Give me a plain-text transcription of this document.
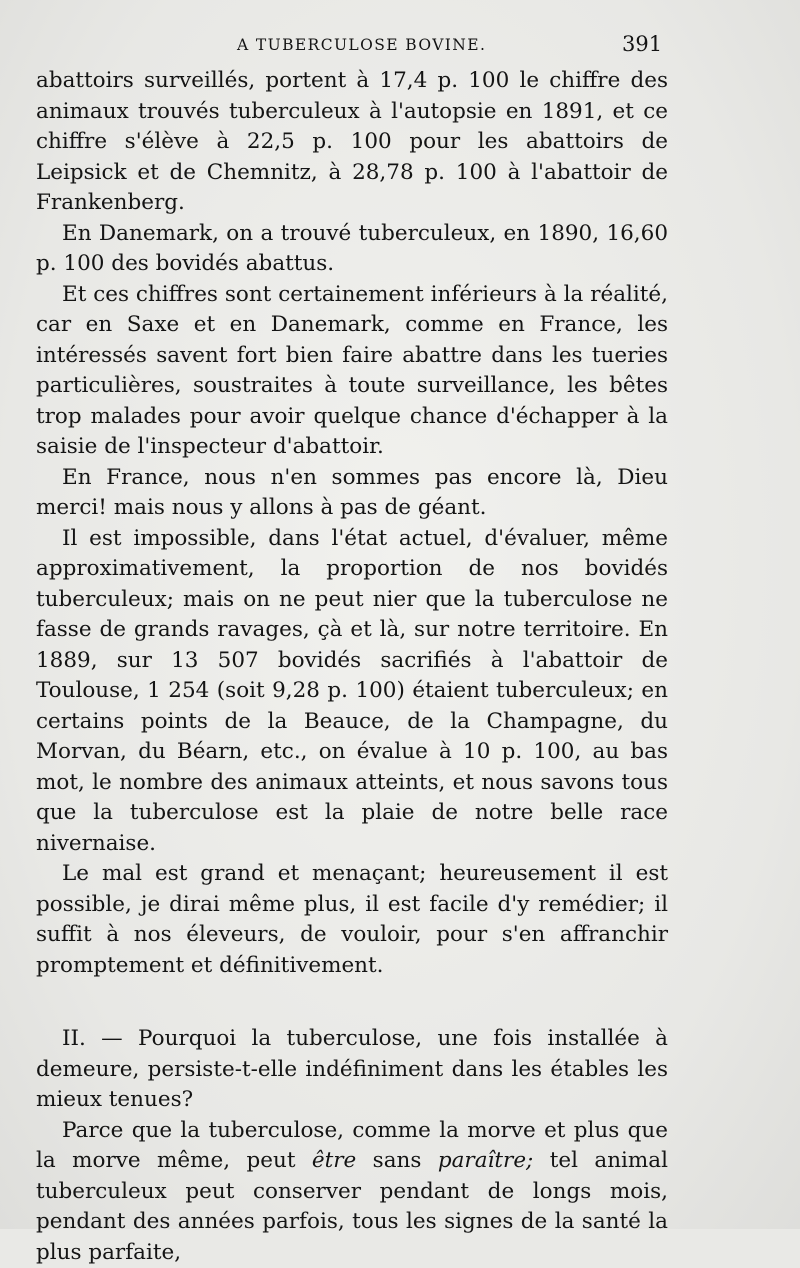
A TUBERCULOSE BOVINE.	391

abattoirs surveillés, portent à 17,4 p. 100 le chiffre des animaux trouvés tuberculeux à l'autopsie en 1891, et ce chiffre s'élève à 22,5 p. 100 pour les abattoirs de Leipsick et de Chemnitz, à 28,78 p. 100 à l'abattoir de Frankenberg.

En Danemark, on a trouvé tuberculeux, en 1890, 16,60 p. 100 des bovidés abattus.

Et ces chiffres sont certainement inférieurs à la réalité, car en Saxe et en Danemark, comme en France, les intéressés savent fort bien faire abattre dans les tueries particulières, soustraites à toute surveillance, les bêtes trop malades pour avoir quelque chance d'échapper à la saisie de l'inspecteur d'abattoir.

En France, nous n'en sommes pas encore là, Dieu merci! mais nous y allons à pas de géant.

Il est impossible, dans l'état actuel, d'évaluer, même approximativement, la proportion de nos bovidés tuberculeux; mais on ne peut nier que la tuberculose ne fasse de grands ravages, çà et là, sur notre territoire. En 1889, sur 13 507 bovidés sacrifiés à l'abattoir de Toulouse, 1 254 (soit 9,28 p. 100) étaient tuberculeux; en certains points de la Beauce, de la Champagne, du Morvan, du Béarn, etc., on évalue à 10 p. 100, au bas mot, le nombre des animaux atteints, et nous savons tous que la tuberculose est la plaie de notre belle race nivernaise.

Le mal est grand et menaçant; heureusement il est possible, je dirai même plus, il est facile d'y remédier; il suffit à nos éleveurs, de vouloir, pour s'en affranchir promptement et définitivement.

II. — Pourquoi la tuberculose, une fois installée à demeure, persiste-t-elle indéfiniment dans les étables les mieux tenues?

Parce que la tuberculose, comme la morve et plus que la morve même, peut être sans paraître; tel animal tuberculeux peut conserver pendant de longs mois, pendant des années parfois, tous les signes de la santé la plus parfaite,
